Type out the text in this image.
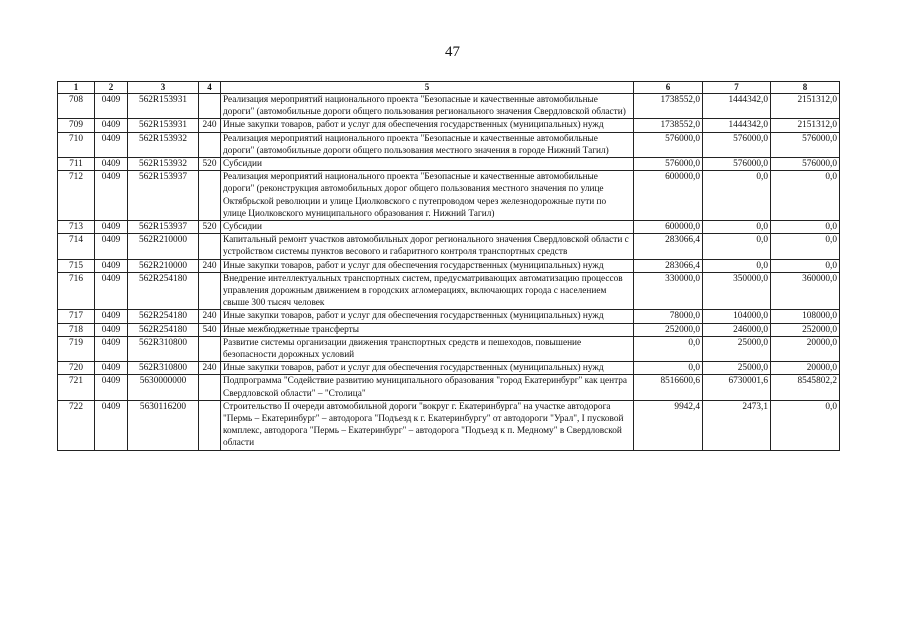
47
1	2	3	4	5	6	7	8
708	0409	562R153931		Реализация мероприятий национального проекта "Безопасные и качественные автомобильные дороги" (автомобильные дороги общего пользования регионального значения Свердловской области)	1738552,0	1444342,0	2151312,0
709	0409	562R153931	240	Иные закупки товаров, работ и услуг для обеспечения государственных (муниципальных) нужд	1738552,0	1444342,0	2151312,0
710	0409	562R153932		Реализация мероприятий национального проекта "Безопасные и качественные автомобильные дороги" (автомобильные дороги общего пользования местного значения в городе Нижний Тагил)	576000,0	576000,0	576000,0
711	0409	562R153932	520	Субсидии	576000,0	576000,0	576000,0
712	0409	562R153937		Реализация мероприятий национального проекта "Безопасные и качественные автомобильные дороги" (реконструкция автомобильных дорог общего пользования местного значения по улице Октябрьской революции и улице Циолковского с путепроводом через железнодорожные пути по улице Циолковского муниципального образования г. Нижний Тагил)	600000,0	0,0	0,0
713	0409	562R153937	520	Субсидии	600000,0	0,0	0,0
714	0409	562R210000		Капитальный ремонт участков автомобильных дорог регионального значения Свердловской области с устройством системы пунктов весового и габаритного контроля транспортных средств	283066,4	0,0	0,0
715	0409	562R210000	240	Иные закупки товаров, работ и услуг для обеспечения государственных (муниципальных) нужд	283066,4	0,0	0,0
716	0409	562R254180		Внедрение интеллектуальных транспортных систем, предусматривающих автоматизацию процессов управления дорожным движением в городских агломерациях, включающих города с населением свыше 300 тысяч человек	330000,0	350000,0	360000,0
717	0409	562R254180	240	Иные закупки товаров, работ и услуг для обеспечения государственных (муниципальных) нужд	78000,0	104000,0	108000,0
718	0409	562R254180	540	Иные межбюджетные трансферты	252000,0	246000,0	252000,0
719	0409	562R310800		Развитие системы организации движения транспортных средств и пешеходов, повышение безопасности дорожных условий	0,0	25000,0	20000,0
720	0409	562R310800	240	Иные закупки товаров, работ и услуг для обеспечения государственных (муниципальных) нужд	0,0	25000,0	20000,0
721	0409	5630000000		Подпрограмма "Содействие развитию муниципального образования "город Екатеринбург" как центра Свердловской области" – "Столица"	8516600,6	6730001,6	8545802,2
722	0409	5630116200		Строительство II очереди автомобильной дороги "вокруг г. Екатеринбурга" на участке автодорога "Пермь – Екатеринбург" – автодорога "Подъезд к г. Екатеринбургу" от автодороги "Урал", I пусковой комплекс, автодорога "Пермь – Екатеринбург" – автодорога "Подъезд к п. Медному" в Свердловской области	9942,4	2473,1	0,0
